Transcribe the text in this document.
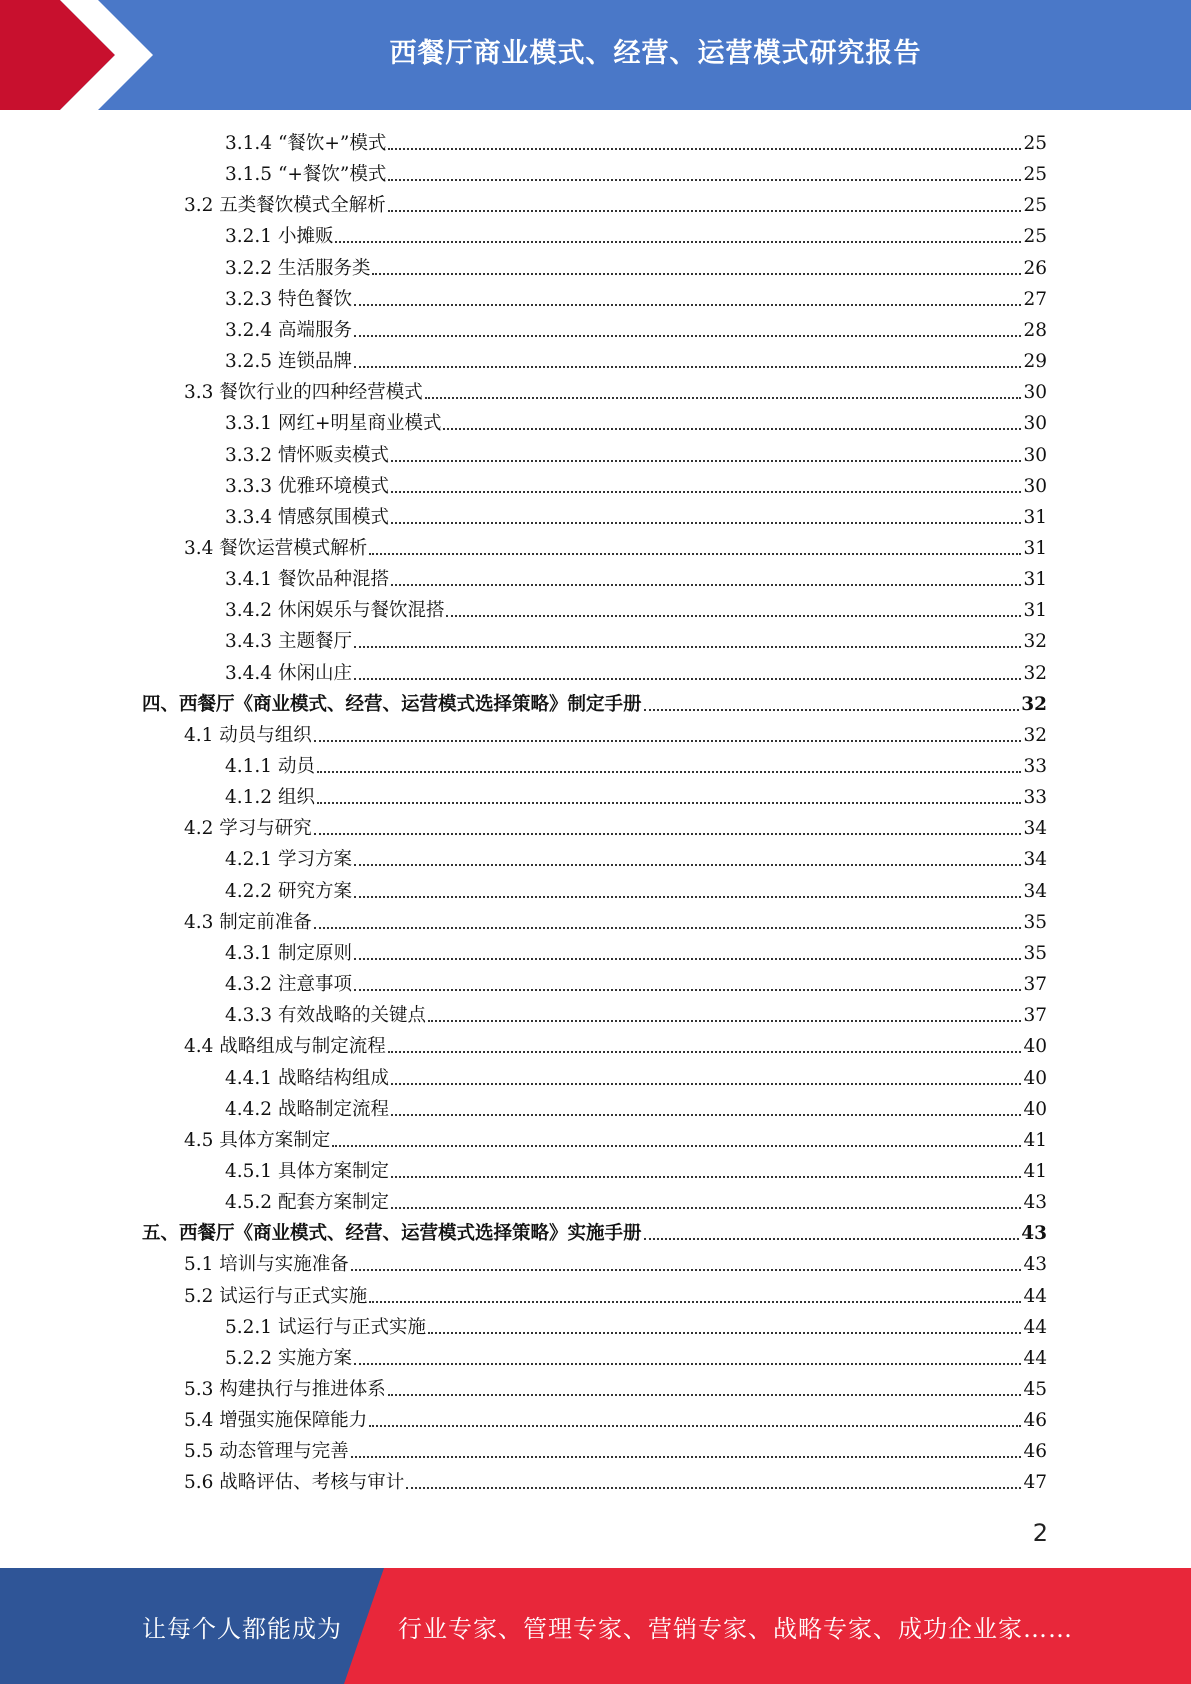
西餐厅商业模式、经营、运营模式研究报告
3.1.4 “餐饮+”模式	25
3.1.5 “+餐饮”模式	25
3.2 五类餐饮模式全解析	25
3.2.1 小摊贩	25
3.2.2 生活服务类	26
3.2.3 特色餐饮	27
3.2.4 高端服务	28
3.2.5 连锁品牌	29
3.3 餐饮行业的四种经营模式	30
3.3.1 网红+明星商业模式	30
3.3.2 情怀贩卖模式	30
3.3.3 优雅环境模式	30
3.3.4 情感氛围模式	31
3.4 餐饮运营模式解析	31
3.4.1 餐饮品种混搭	31
3.4.2 休闲娱乐与餐饮混搭	31
3.4.3 主题餐厅	32
3.4.4 休闲山庄	32
四、西餐厅《商业模式、经营、运营模式选择策略》制定手册	32
4.1 动员与组织	32
4.1.1 动员	33
4.1.2 组织	33
4.2 学习与研究	34
4.2.1 学习方案	34
4.2.2 研究方案	34
4.3 制定前准备	35
4.3.1 制定原则	35
4.3.2 注意事项	37
4.3.3 有效战略的关键点	37
4.4 战略组成与制定流程	40
4.4.1 战略结构组成	40
4.4.2 战略制定流程	40
4.5 具体方案制定	41
4.5.1 具体方案制定	41
4.5.2 配套方案制定	43
五、西餐厅《商业模式、经营、运营模式选择策略》实施手册	43
5.1 培训与实施准备	43
5.2 试运行与正式实施	44
5.2.1 试运行与正式实施	44
5.2.2 实施方案	44
5.3 构建执行与推进体系	45
5.4 增强实施保障能力	46
5.5 动态管理与完善	46
5.6 战略评估、考核与审计	47
2
让每个人都能成为 行业专家、管理专家、营销专家、战略专家、成功企业家……
